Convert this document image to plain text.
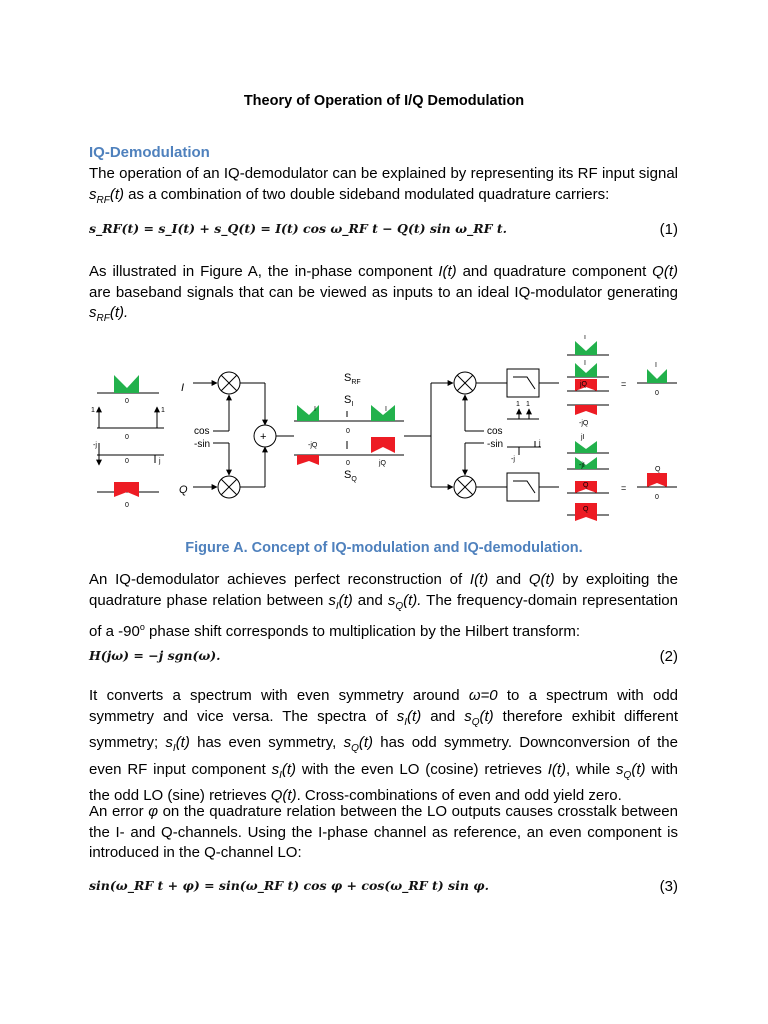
Theory of Operation of I/Q Demodulation
IQ-Demodulation
The operation of an IQ-demodulator can be explained by representing its RF input signal $s_{RF}(t)$ as a combination of two double sideband modulated quadrature carriers:
s_RF(t) = s_I(t) + s_Q(t) = I(t) cos ω_RF t − Q(t) sin ω_RF t.	(1)
As illustrated in Figure A, the in-phase component I(t) and quadrature component Q(t) are baseband signals that can be viewed as inputs to an ideal IQ-modulator generating $s_{RF}(t)$.
0
1	1
0
-j
j
0
0
I
Q
cos
-sin
+
$S_{RF}$
$S_I$
$S_Q$
I	I
0
-jQ
jQ
0
cos
-sin
1 1
-j
j
I
I
jQ
-jQ
jI
-jI
Q
Q
=
=
I
0
Q
0
Figure A. Concept of IQ-modulation and IQ-demodulation.
An IQ-demodulator achieves perfect reconstruction of I(t) and Q(t) by exploiting the quadrature phase relation between $s_I(t)$ and $s_Q(t)$. The frequency-domain representation of a -90$^o$ phase shift corresponds to multiplication by the Hilbert transform:
H(jω) = −j sgn(ω).	(2)
It converts a spectrum with even symmetry around ω=0 to a spectrum with odd symmetry and vice versa. The spectra of $s_I(t)$ and $s_Q(t)$ therefore exhibit different symmetry; $s_I(t)$ has even symmetry, $s_Q(t)$ has odd symmetry. Downconversion of the even RF input component $s_I(t)$ with the even LO (cosine) retrieves I(t), while $s_Q(t)$ with the odd LO (sine) retrieves Q(t). Cross-combinations of even and odd yield zero.
An error φ on the quadrature relation between the LO outputs causes crosstalk between the I- and Q-channels. Using the I-phase channel as reference, an even component is introduced in the Q-channel LO:
sin(ω_RF t + φ) = sin(ω_RF t) cos φ + cos(ω_RF t) sin φ.	(3)
